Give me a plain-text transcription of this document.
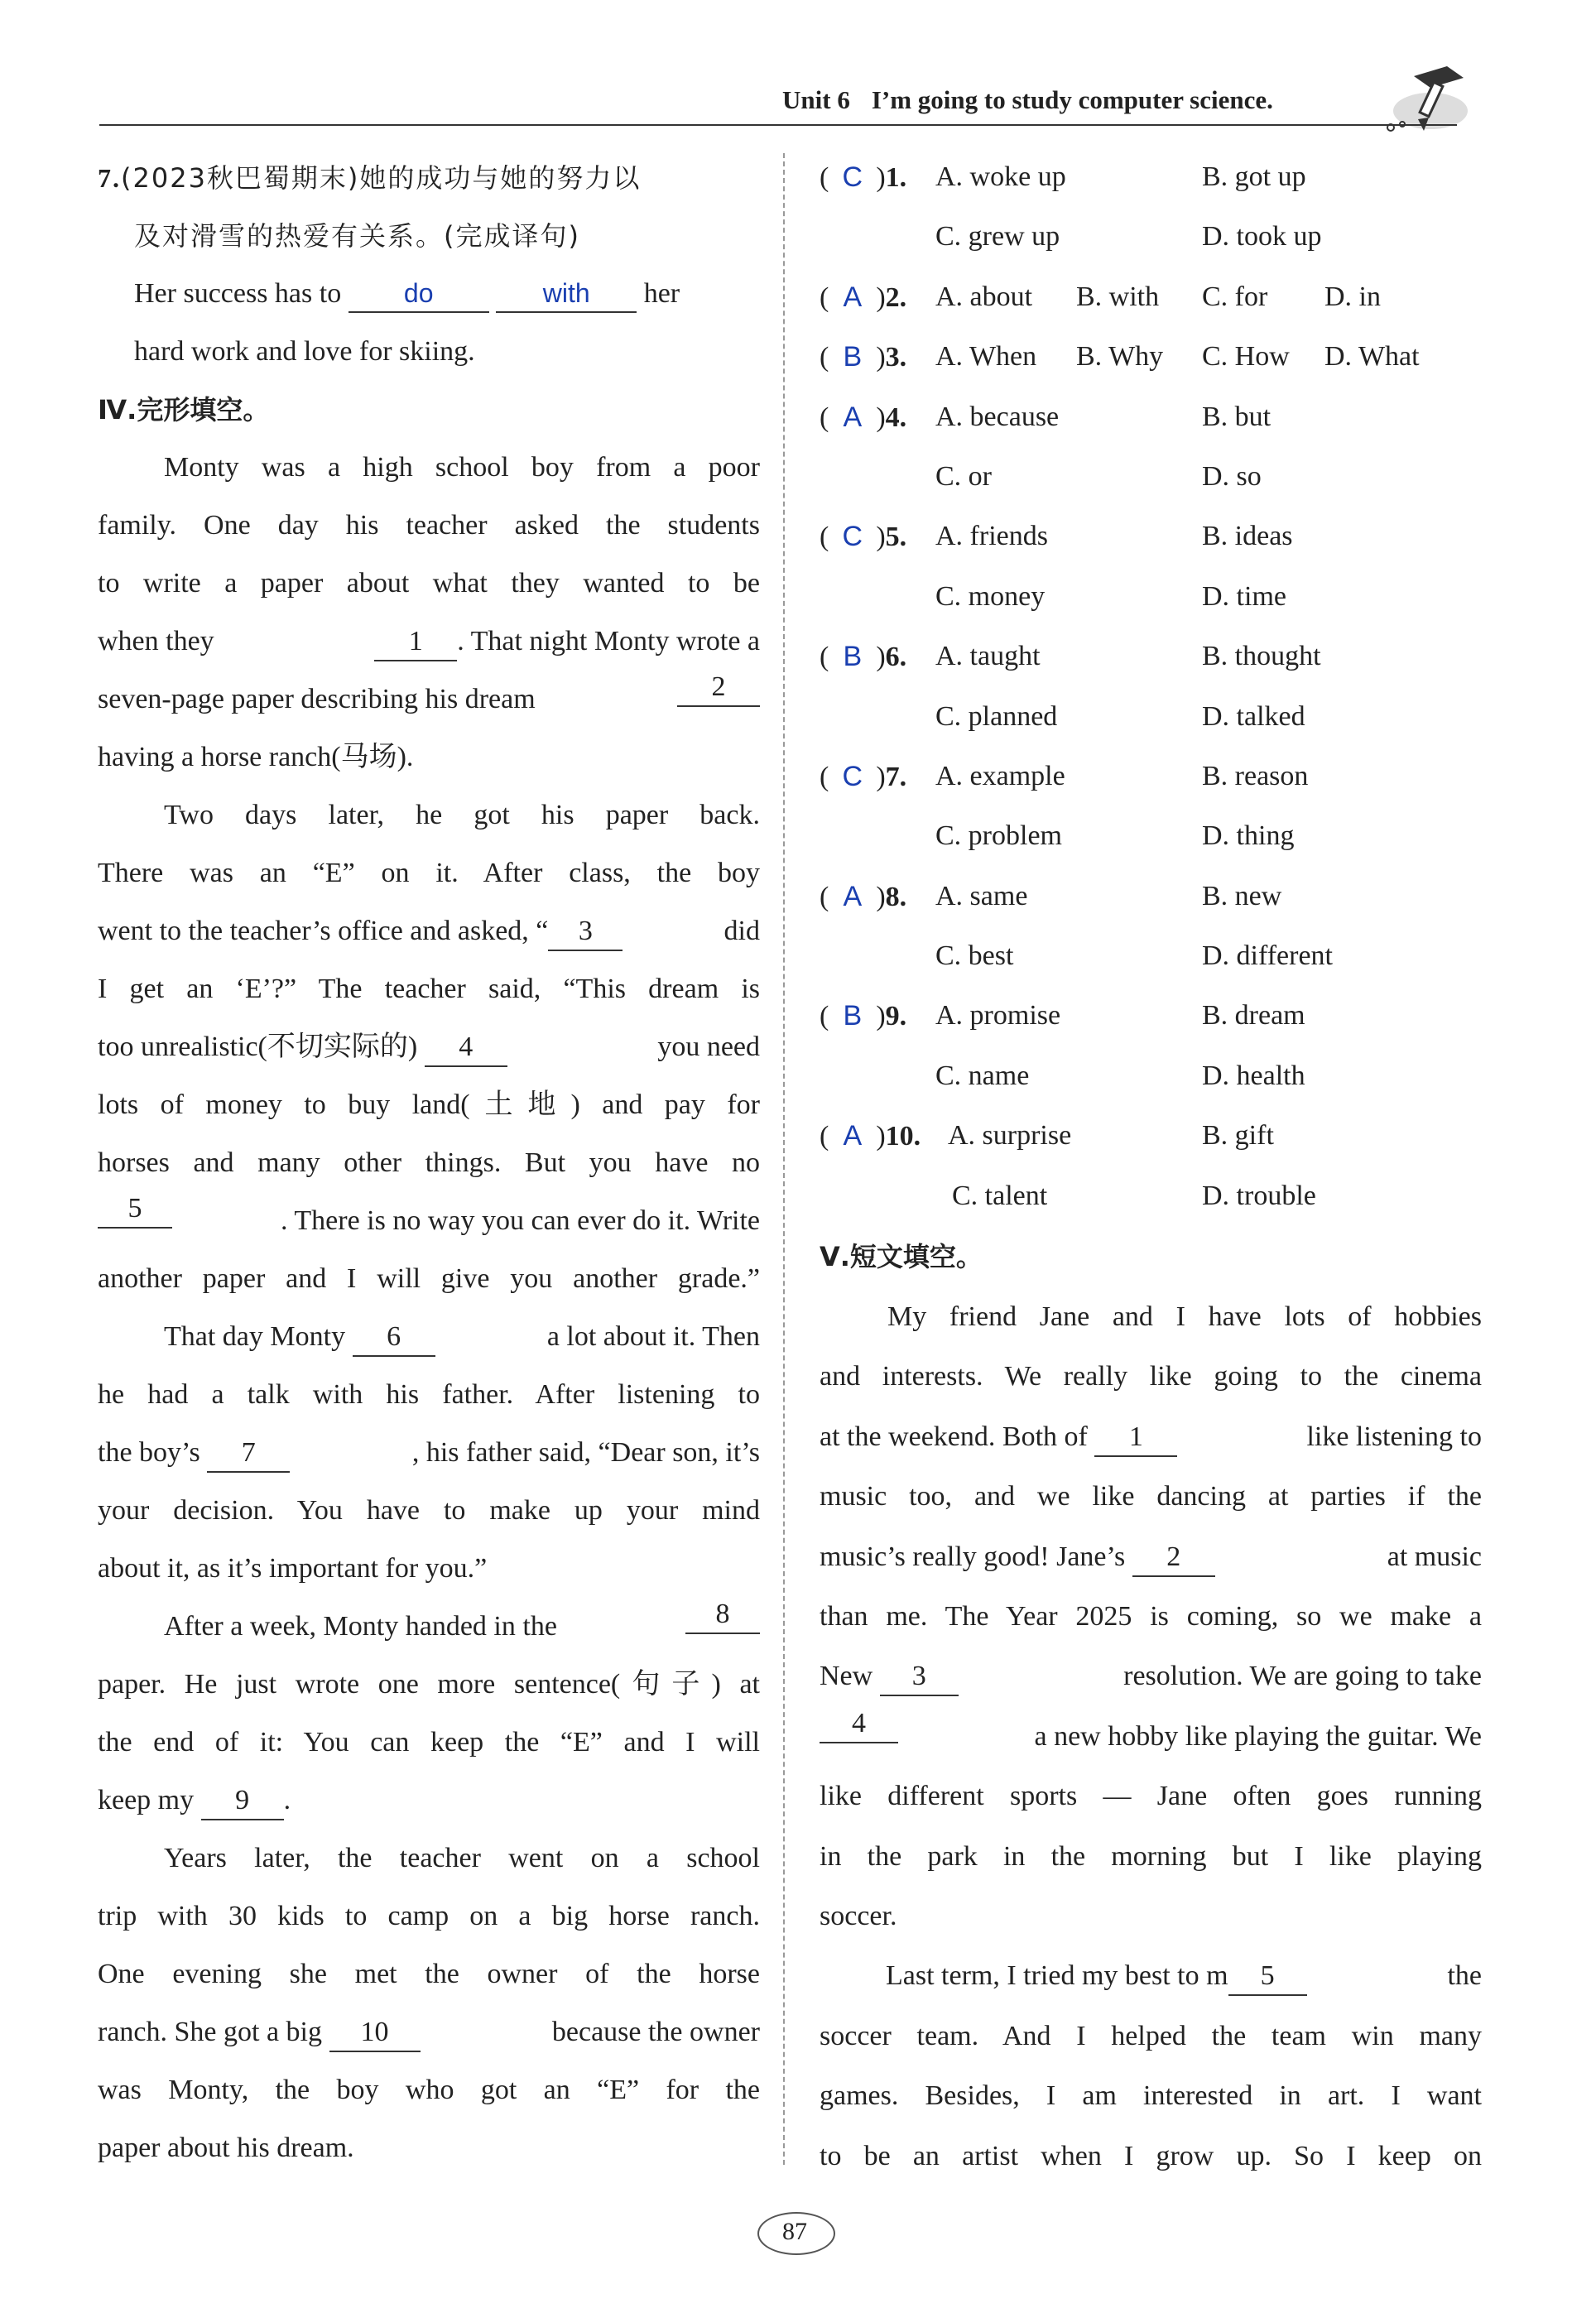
Unit 6 I’m going to study computer science.
7.(2023秋巴蜀期末)她的成功与她的努力以
及对滑雪的热爱有关系。(完成译句)
Her success has to do	with her
hard work and love for skiing.
Ⅳ.完形填空。
Monty was a high school boy from a poor
family. One day his teacher asked the students
to write a paper about what they wanted to be
when they	1 . That night Monty wrote a
seven-page paper describing his dream	2
having a horse ranch(马场).
Two days later, he got his paper back.
There was an “E” on it. After class, the boy
went to the teacher’s office and asked, “ 3	did
I get an ‘E’?” The teacher said, “This dream is
too unrealistic(不切实际的) 4	you need
lots of money to buy land(土地) and pay for
horses and many other things. But you have no
5	. There is no way you can ever do it. Write
another paper and I will give you another grade.”
That day Monty 6	a lot about it. Then
he had a talk with his father. After listening to
the boy’s 7	, his father said, “Dear son, it’s
your decision. You have to make up your mind
about it, as it’s important for you.”
After a week, Monty handed in the	8
paper. He just wrote one more sentence(句子) at
the end of it: You can keep the “E” and I will
keep my 9 .
Years later, the teacher went on a school
trip with 30 kids to camp on a big horse ranch.
One evening she met the owner of the horse
ranch. She got a big 10	because the owner
was Monty, the boy who got an “E” for the
paper about his dream.
( C )1. A. woke up	B. got up
C. grew up	D. took up
( A )2. A. about B. with C. for D. in
( B )3. A. When B. Why C. How D. What
( A )4. A. because	B. but
C. or	D. so
( C )5. A. friends	B. ideas
C. money	D. time
( B )6. A. taught	B. thought
C. planned	D. talked
( C )7. A. example	B. reason
C. problem	D. thing
( A )8. A. same	B. new
C. best	D. different
( B )9. A. promise	B. dream
C. name	D. health
( A )10. A. surprise	B. gift
C. talent	D. trouble
Ⅴ.短文填空。
My friend Jane and I have lots of hobbies
and interests. We really like going to the cinema
at the weekend. Both of 1	like listening to
music too, and we like dancing at parties if the
music’s really good! Jane’s 2	at music
than me. The Year 2025 is coming, so we make a
New 3	resolution. We are going to take
4	a new hobby like playing the guitar. We
like different sports — Jane often goes running
in the park in the morning but I like playing
soccer.
Last term, I tried my best to m 5	the
soccer team. And I helped the team win many
games. Besides, I am interested in art. I want
to be an artist when I grow up. So I keep on
87
